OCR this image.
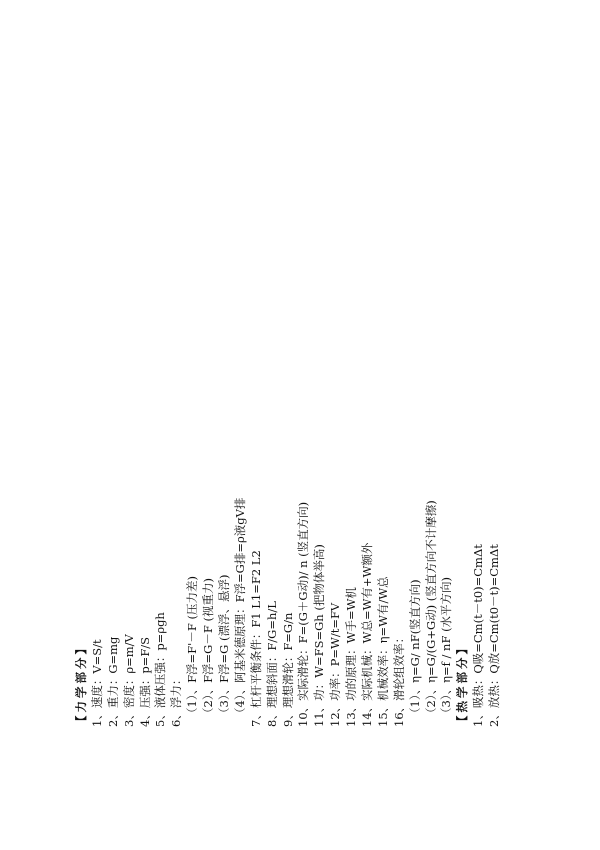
【力学部分】 1、速度：V=S/t 2、重力：G=mg 3、密度：ρ=m/V 4、压强：p=F/S 5、液体压强：p=ρgh 6、浮力： （1）、F浮=F'－F (压力差) （2）、F浮=G－F (视重力) （3）、F浮=G (漂浮、悬浮) （4）、阿基米德原理：F浮=G排=ρ液gV排 7、杠杆平衡条件：F1 L1=F2 L2 8、理想斜面：F/G=h/L 9、理想滑轮：F=G/n 10、实际滑轮：F=(G＋G动)/ n (竖直方向) 11、功：W=FS=Gh (把物体举高) 12、功率：P=W/t=FV 13、功的原理：W手=W机 14、实际机械：W总=W有+W额外 15、机械效率：η=W有/W总 16、滑轮组效率： （1）、η=G/ nF(竖直方向) （2）、η=G/(G+G动) (竖直方向不计摩擦) （3）、η=f / nF (水平方向) 【热学部分】 1、吸热：Q吸=Cm(t－t0)=CmΔt 2、放热：Q放=Cm(t0－t)=CmΔt
